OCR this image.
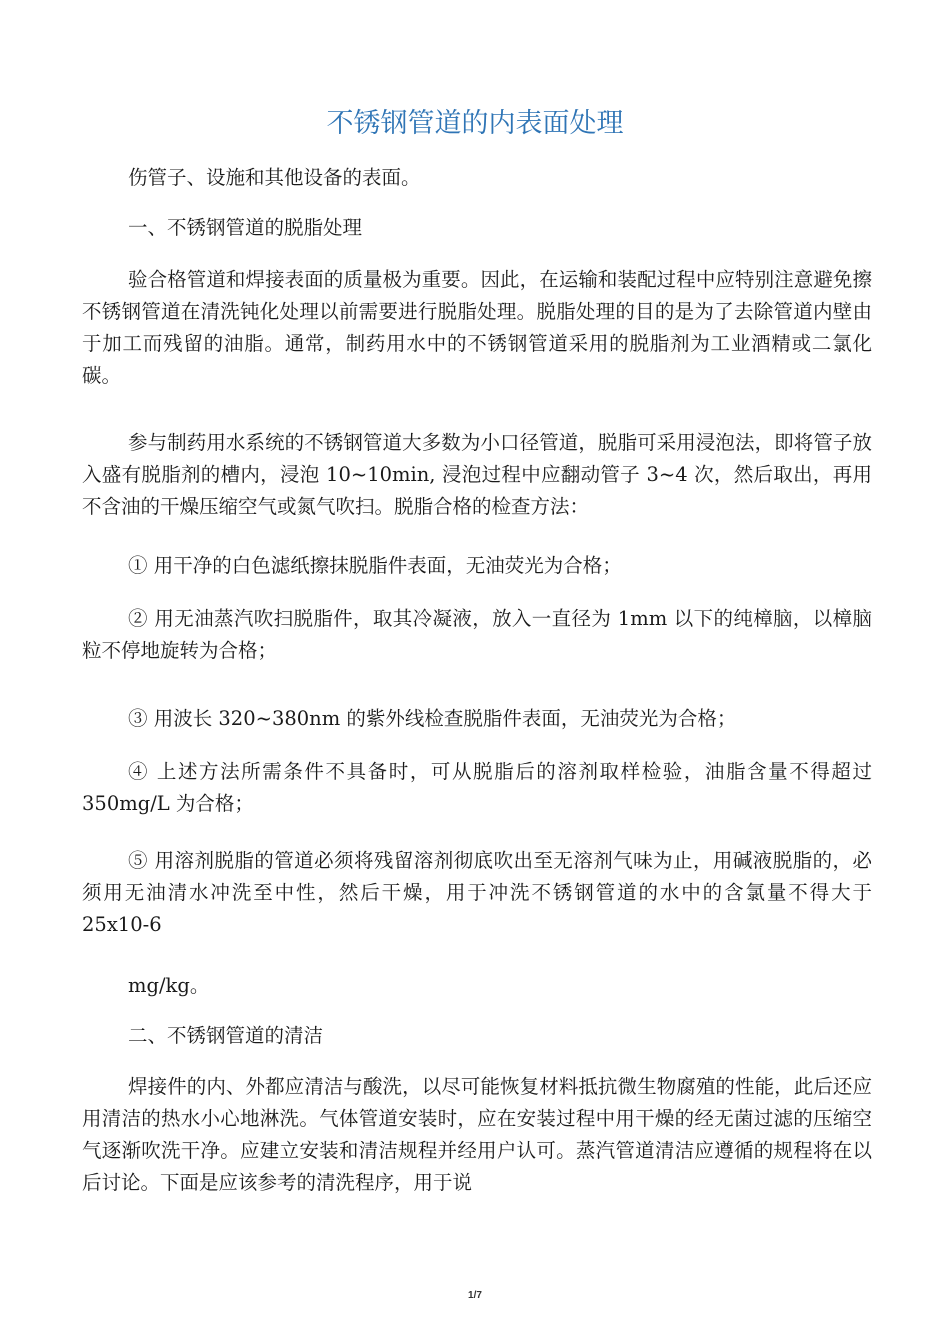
不锈钢管道的内表面处理

伤管子、设施和其他设备的表面。

一、不锈钢管道的脱脂处理

验合格管道和焊接表面的质量极为重要。因此，在运输和装配过程中应特别注意避免擦不锈钢管道在清洗钝化处理以前需要进行脱脂处理。脱脂处理的目的是为了去除管道内壁由于加工而残留的油脂。通常，制药用水中的不锈钢管道采用的脱脂剂为工业酒精或二氯化碳。

参与制药用水系统的不锈钢管道大多数为小口径管道，脱脂可采用浸泡法，即将管子放入盛有脱脂剂的槽内，浸泡 10~10min, 浸泡过程中应翻动管子 3~4 次，然后取出，再用不含油的干燥压缩空气或氮气吹扫。脱脂合格的检查方法：

① 用干净的白色滤纸擦抹脱脂件表面，无油荧光为合格；

② 用无油蒸汽吹扫脱脂件，取其冷凝液，放入一直径为 1mm 以下的纯樟脑，以樟脑粒不停地旋转为合格；

③ 用波长 320~380nm 的紫外线检查脱脂件表面，无油荧光为合格；

④ 上述方法所需条件不具备时，可从脱脂后的溶剂取样检验，油脂含量不得超过 350mg/L 为合格；

⑤ 用溶剂脱脂的管道必须将残留溶剂彻底吹出至无溶剂气味为止，用碱液脱脂的，必须用无油清水冲洗至中性，然后干燥，用于冲洗不锈钢管道的水中的含氯量不得大于 25x10-6

mg/kg。

二、不锈钢管道的清洁

焊接件的内、外都应清洁与酸洗，以尽可能恢复材料抵抗微生物腐殖的性能，此后还应用清洁的热水小心地淋洗。气体管道安装时，应在安装过程中用干燥的经无菌过滤的压缩空气逐渐吹洗干净。应建立安装和清洁规程并经用户认可。蒸汽管道清洁应遵循的规程将在以后讨论。下面是应该参考的清洗程序，用于说

1/7
